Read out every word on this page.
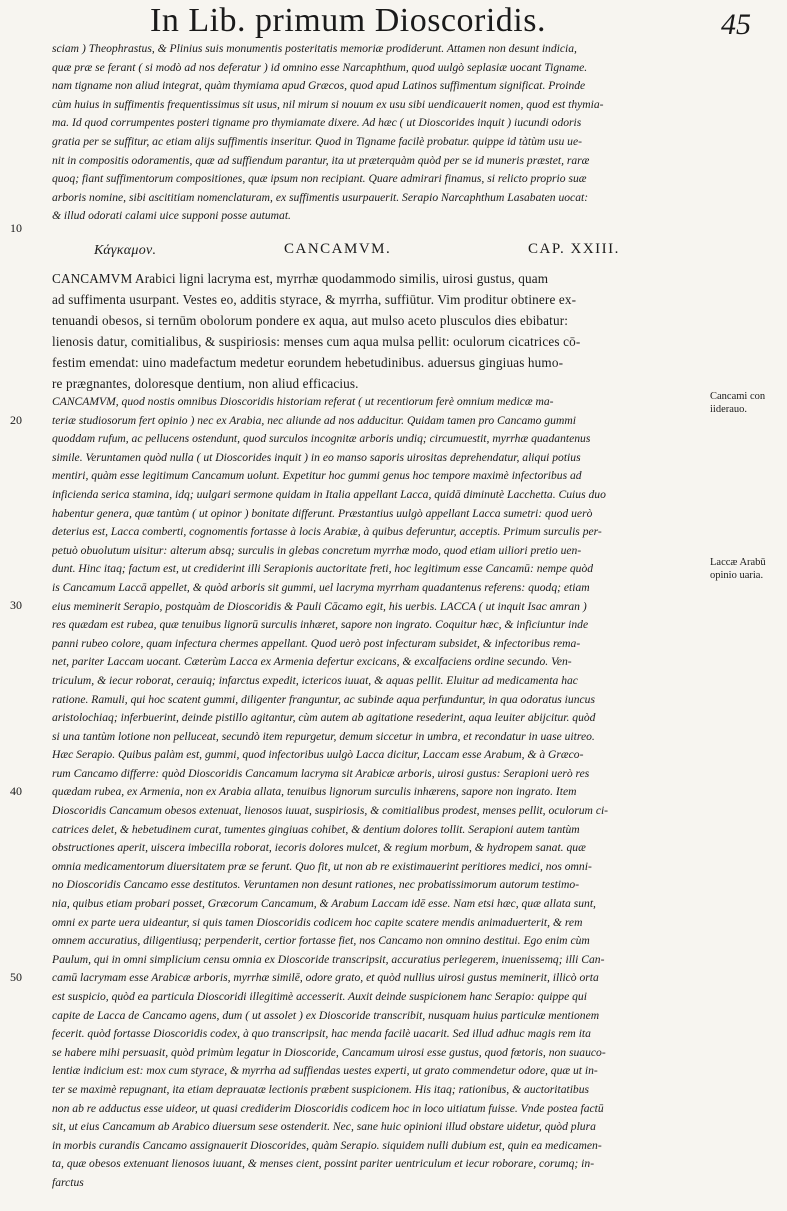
In Lib. primum Dioscoridis.	45
sciam ) Theophrastus, & Plinius suis monumentis posteritatis memoriæ prodiderunt. Attamen non desunt indicia,
quæ præ se ferant ( si modò ad nos deferatur ) id omnino esse Narcaphthum, quod uulgò seplasiæ uocant Tigname.
nam tigname non aliud integrat, quàm thymiama apud Græcos, quod apud Latinos suffimentum significat. Proinde
cùm huius in suffimentis frequentissimus sit usus, nil mirum si nouum ex usu sibi uendicauerit nomen, quod est thymia-
ma. Id quod corrumpentes posteri tigname pro thymiamate dixere. Ad hæc ( ut Dioscorides inquit ) iucundi odoris
gratia per se suffitur, ac etiam alijs suffimentis inseritur. Quod in Tigname facilè probatur. quippe id tàtùm usu ue-
nit in compositis odoramentis, quæ ad suffiendum parantur, ita ut præterquàm quòd per se id muneris præstet, raræ
quoq; fiant suffimentorum compositiones, quæ ipsum non recipiant. Quare admirari finamus, si relicto proprio suæ
arboris nomine, sibi ascititiam nomenclaturam, ex suffimentis usurpauerit. Serapio Narcaphthum Lasabaten uocat:
& illud odorati calami uice supponi posse autumat.
Κάγκαμον.	CANCAMVM.	CAP. XXIII.
CANCAMVM Arabici ligni lacryma est, myrrhæ quodammodo similis, uirosi gustus, quam
ad suffimenta usurpant. Vestes eo, additis styrace, & myrrha, suffiūtur. Vim proditur obtinere ex-
tenuandi obesos, si ternūm obolorum pondere ex aqua, aut mulso aceto plusculos dies ebibatur:
lienosis datur, comitialibus, & suspiriosis: menses cum aqua mulsa pellit: oculorum cicatrices cō-
festim emendat: uino madefactum medetur eorundem hebetudinibus. aduersus gingiuas humo-
re prægnantes, doloresque dentium, non aliud efficacius.
CANCAMVM, quod nostis omnibus Dioscoridis historiam referat ( ut recentiorum ferè omnium medicæ ma-
teriæ studiosorum fert opinio ) nec ex Arabia, nec aliunde ad nos adducitur. Quidam tamen pro Cancamo gummi
quoddam rufum, ac pellucens ostendunt, quod surculos incognitæ arboris undiq; circumuestit, myrrhæ quadantenus
simile. Veruntamen quòd nulla ( ut Dioscorides inquit ) in eo manso saporis uirositas deprehendatur, aliqui potius
mentiri, quàm esse legitimum Cancamum uolunt. Expetitur hoc gummi genus hoc tempore maximè infectoribus ad
inficienda serica stamina, idq; uulgari sermone quidam in Italia appellant Lacca, quidā diminutè Lacchetta. Cuius duo
habentur genera, quæ tantùm ( ut opinor ) bonitate differunt. Præstantius uulgò appellant Lacca sumetri: quod uerò
deterius est, Lacca comberti, cognomentis fortasse à locis Arabiæ, à quibus deferuntur, acceptis. Primum surculis per-
petuò obuolutum uisitur: alterum absq; surculis in glebas concretum myrrhæ modo, quod etiam uiliori pretio uen-
dunt. Hinc itaq; factum est, ut crediderint illi Serapionis auctoritate freti, hoc legitimum esse Cancamū: nempe quòd
is Cancamum Laccā appellet, & quòd arboris sit gummi, uel lacryma myrrham quadantenus referens: quodq; etiam
eius meminerit Serapio, postquàm de Dioscoridis & Pauli Cācamo egit, his uerbis. LACCA ( ut inquit Isac amran )
res quædam est rubea, quæ tenuibus lignorū surculis inhæret, sapore non ingrato. Coquitur hæc, & inficiuntur inde
panni rubeo colore, quam infectura chermes appellant. Quod uerò post infecturam subsidet, & infectoribus rema-
net, pariter Laccam uocant. Cæterùm Lacca ex Armenia defertur excicans, & excalfaciens ordine secundo. Ven-
triculum, & iecur roborat, cerauiq; infarctus expedit, ictericos iuuat, & aquas pellit. Eluitur ad medicamenta hac
ratione. Ramuli, qui hoc scatent gummi, diligenter franguntur, ac subinde aqua perfunduntur, in qua odoratus iuncus
aristolochiaq; inferbuerint, deinde pistillo agitantur, cùm autem ab agitatione resederint, aqua leuiter abijcitur. quòd
si una tantùm lotione non pelluceat, secundò item repurgetur, demum siccetur in umbra, et recondatur in uase uitreo.
Hæc Serapio. Quibus palàm est, gummi, quod infectoribus uulgò Lacca dicitur, Laccam esse Arabum, & à Græco-
rum Cancamo differre: quòd Dioscoridis Cancamum lacryma sit Arabicæ arboris, uirosi gustus: Serapioni uerò res
quædam rubea, ex Armenia, non ex Arabia allata, tenuibus lignorum surculis inhærens, sapore non ingrato. Item
Dioscoridis Cancamum obesos extenuat, lienosos iuuat, suspiriosis, & comitialibus prodest, menses pellit, oculorum ci-
catrices delet, & hebetudinem curat, tumentes gingiuas cohibet, & dentium dolores tollit. Serapioni autem tantùm
obstructiones aperit, uiscera imbecilla roborat, iecoris dolores mulcet, & regium morbum, & hydropem sanat. quæ
omnia medicamentorum diuersitatem præ se ferunt. Quo fit, ut non ab re existimauerint peritiores medici, nos omni-
no Dioscoridis Cancamo esse destitutos. Veruntamen non desunt rationes, nec probatissimorum autorum testimo-
nia, quibus etiam probari posset, Græcorum Cancamum, & Arabum Laccam idē esse. Nam etsi hæc, quæ allata sunt,
omni ex parte uera uideantur, si quis tamen Dioscoridis codicem hoc capite scatere mendis animaduerterit, & rem
omnem accuratius, diligentiusq; perpenderit, certior fortasse fiet, nos Cancamo non omnino destitui. Ego enim cùm
Paulum, qui in omni simplicium censu omnia ex Dioscoride transcripsit, accuratius perlegerem, inuenissemq; illi Can-
camū lacrymam esse Arabicæ arboris, myrrhæ similē, odore grato, et quòd nullius uirosi gustus meminerit, illicò orta
est suspicio, quòd ea particula Dioscoridi illegitimè accesserit. Auxit deinde suspicionem hanc Serapio: quippe qui
capite de Lacca de Cancamo agens, dum ( ut assolet ) ex Dioscoride transcribit, nusquam huius particulæ mentionem
fecerit. quòd fortasse Dioscoridis codex, à quo transcripsit, hac menda facilè uacarit. Sed illud adhuc magis rem ita
se habere mihi persuasit, quòd primùm legatur in Dioscoride, Cancamum uirosi esse gustus, quod fœtoris, non suauco-
lentiæ indicium est: mox cum styrace, & myrrha ad suffiendas uestes experti, ut grato commendetur odore, quæ ut in-
ter se maximè repugnant, ita etiam deprauatæ lectionis præbent suspicionem. His itaq; rationibus, & auctoritatibus
non ab re adductus esse uideor, ut quasi crediderim Dioscoridis codicem hoc in loco uitiatum fuisse. Vnde postea factū
sit, ut eius Cancamum ab Arabico diuersum sese ostenderit. Nec, sane huic opinioni illud obstare uidetur, quòd plura
in morbis curandis Cancamo assignauerit Dioscorides, quàm Serapio. siquidem nulli dubium est, quin ea medicamen-
ta, quæ obesos extenuant lienosos iuuant, & menses cient, possint pariter uentriculum et iecur roborare, corumq; in-
farctus
10
20
30
40
50
Cancami con iiderauo.
Laccæ Arabū opinio uaria.
